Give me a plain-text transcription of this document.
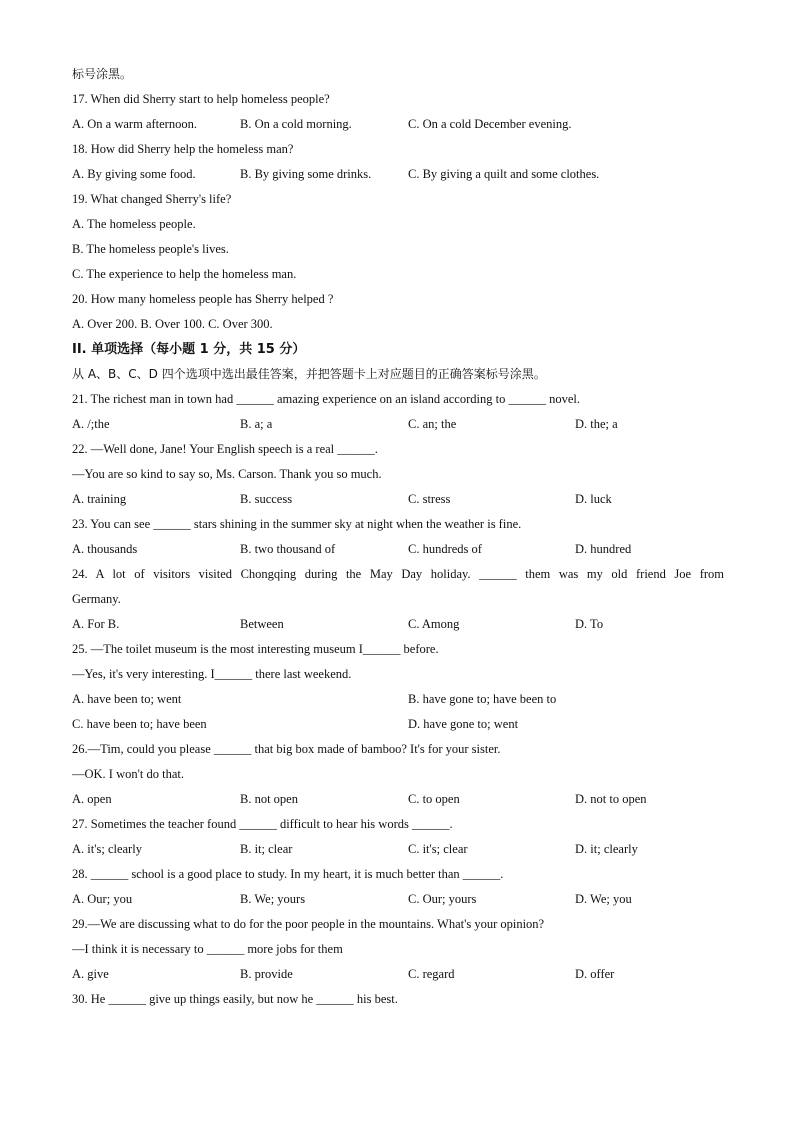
标号涂黑。
17. When did Sherry start to help homeless people?
A. On a warm afternoon.	B. On a cold morning.	C. On a cold December evening.
18. How did Sherry help the homeless man?
A. By giving some food.	B. By giving some drinks.	C. By giving a quilt and some clothes.
19. What changed Sherry's life?
A. The homeless people.
B. The homeless people's lives.
C. The experience to help the homeless man.
20. How many homeless people has Sherry helped ?
A. Over 200. B. Over 100. C. Over 300.
II. 单项选择（每小题 1 分，共 15 分）
从 A、B、C、D 四个选项中选出最佳答案，并把答题卡上对应题目的正确答案标号涂黑。
21. The richest man in town had ______ amazing experience on an island according to ______ novel.
A. /;the	B. a; a	C. an; the	D. the; a
22. —Well done, Jane! Your English speech is a real ______.
—You are so kind to say so, Ms. Carson. Thank you so much.
A. training	B. success	C. stress	D. luck
23. You can see ______ stars shining in the summer sky at night when the weather is fine.
A. thousands	B. two thousand of	C. hundreds of	D. hundred
24. A lot of visitors visited Chongqing during the May Day holiday. ______ them was my old friend Joe from
Germany.
A. For B.	Between	C. Among	D. To
25. —The toilet museum is the most interesting museum I______ before.
—Yes, it's very interesting. I______ there last weekend.
A. have been to; went	B. have gone to; have been to
C. have been to; have been	D. have gone to; went
26.—Tim, could you please ______ that big box made of bamboo? It's for your sister.
—OK. I won't do that.
A. open	B. not open	C. to open	D. not to open
27. Sometimes the teacher found ______ difficult to hear his words ______.
A. it's; clearly	B. it; clear	C. it's; clear	D. it; clearly
28. ______ school is a good place to study. In my heart, it is much better than ______.
A. Our; you	B. We; yours	C. Our; yours	D. We; you
29.—We are discussing what to do for the poor people in the mountains. What's your opinion?
—I think it is necessary to ______ more jobs for them
A. give	B. provide	C. regard	D. offer
30. He ______ give up things easily, but now he ______ his best.
